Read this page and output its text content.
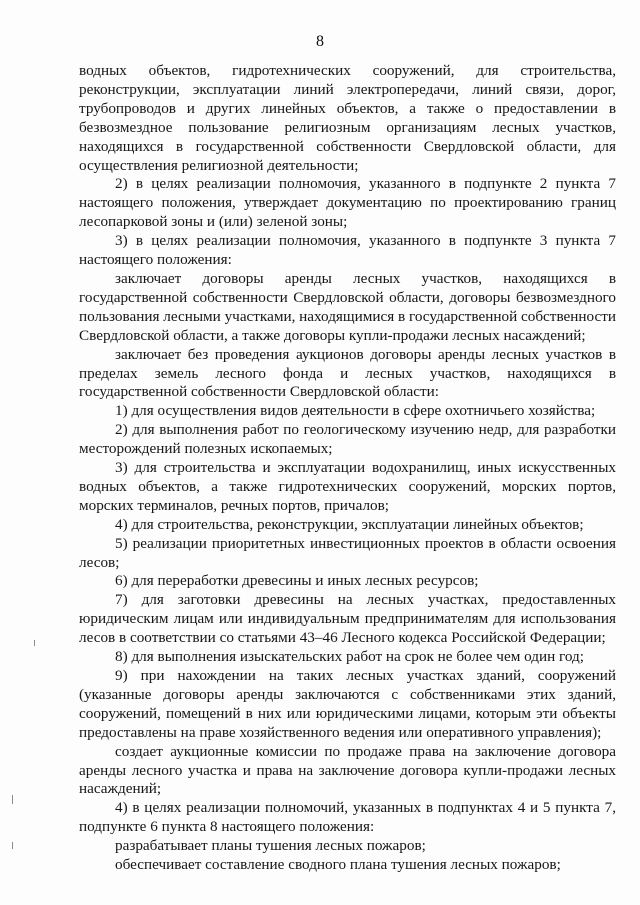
8

водных объектов, гидротехнических сооружений, для строительства, реконструкции, эксплуатации линий электропередачи, линий связи, дорог, трубопроводов и других линейных объектов, а также о предоставлении в безвозмездное пользование религиозным организациям лесных участков, находящихся в государственной собственности Свердловской области, для осуществления религиозной деятельности;

2) в целях реализации полномочия, указанного в подпункте 2 пункта 7 настоящего положения, утверждает документацию по проектированию границ лесопарковой зоны и (или) зеленой зоны;

3) в целях реализации полномочия, указанного в подпункте 3 пункта 7 настоящего положения:

заключает договоры аренды лесных участков, находящихся в государственной собственности Свердловской области, договоры безвозмездного пользования лесными участками, находящимися в государственной собственности Свердловской области, а также договоры купли-продажи лесных насаждений;

заключает без проведения аукционов договоры аренды лесных участков в пределах земель лесного фонда и лесных участков, находящихся в государственной собственности Свердловской области:

1) для осуществления видов деятельности в сфере охотничьего хозяйства;

2) для выполнения работ по геологическому изучению недр, для разработки месторождений полезных ископаемых;

3) для строительства и эксплуатации водохранилищ, иных искусственных водных объектов, а также гидротехнических сооружений, морских портов, морских терминалов, речных портов, причалов;

4) для строительства, реконструкции, эксплуатации линейных объектов;

5) реализации приоритетных инвестиционных проектов в области освоения лесов;

6) для переработки древесины и иных лесных ресурсов;

7) для заготовки древесины на лесных участках, предоставленных юридическим лицам или индивидуальным предпринимателям для использования лесов в соответствии со статьями 43–46 Лесного кодекса Российской Федерации;

8) для выполнения изыскательских работ на срок не более чем один год;

9) при нахождении на таких лесных участках зданий, сооружений (указанные договоры аренды заключаются с собственниками этих зданий, сооружений, помещений в них или юридическими лицами, которым эти объекты предоставлены на праве хозяйственного ведения или оперативного управления);

создает аукционные комиссии по продаже права на заключение договора аренды лесного участка и права на заключение договора купли-продажи лесных насаждений;

4) в целях реализации полномочий, указанных в подпунктах 4 и 5 пункта 7, подпункте 6 пункта 8 настоящего положения:

разрабатывает планы тушения лесных пожаров;

обеспечивает составление сводного плана тушения лесных пожаров;
